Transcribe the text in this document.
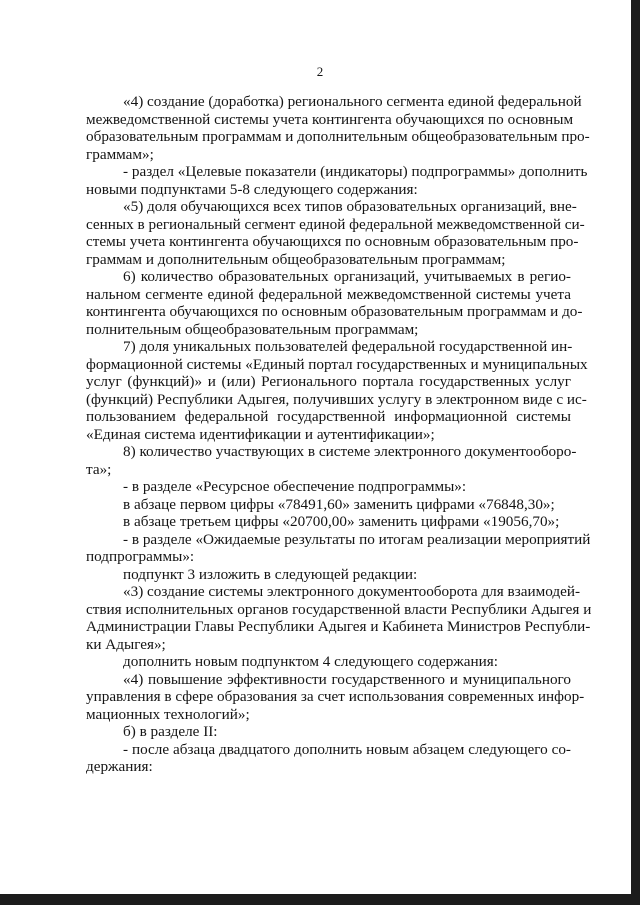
2
«4) создание (доработка) регионального сегмента единой федеральной
межведомственной системы учета контингента обучающихся по основным
образовательным программам и дополнительным общеобразовательным про-
граммам»;
- раздел «Целевые показатели (индикаторы) подпрограммы» дополнить
новыми подпунктами 5-8 следующего содержания:
«5) доля обучающихся всех типов образовательных организаций, вне-
сенных в региональный сегмент единой федеральной межведомственной си-
стемы учета контингента обучающихся по основным образовательным про-
граммам и дополнительным общеобразовательным программам;
6) количество образовательных организаций, учитываемых в регио-
нальном сегменте единой федеральной межведомственной системы учета
контингента обучающихся по основным образовательным программам и до-
полнительным общеобразовательным программам;
7) доля уникальных пользователей федеральной государственной ин-
формационной системы «Единый портал государственных и муниципальных
услуг (функций)» и (или) Регионального портала государственных услуг
(функций) Республики Адыгея, получивших услугу в электронном виде с ис-
пользованием федеральной государственной информационной системы
«Единая система идентификации и аутентификации»;
8) количество участвующих в системе электронного документооборо-
та»;
- в разделе «Ресурсное обеспечение подпрограммы»:
в абзаце первом цифры «78491,60» заменить цифрами «76848,30»;
в абзаце третьем цифры «20700,00» заменить цифрами «19056,70»;
- в разделе «Ожидаемые результаты по итогам реализации мероприятий
подпрограммы»:
подпункт 3 изложить в следующей редакции:
«3) создание системы электронного документооборота для взаимодей-
ствия исполнительных органов государственной власти Республики Адыгея и
Администрации Главы Республики Адыгея и Кабинета Министров Республи-
ки Адыгея»;
дополнить новым подпунктом 4 следующего содержания:
«4) повышение эффективности государственного и муниципального
управления в сфере образования за счет использования современных инфор-
мационных технологий»;
б) в разделе II:
- после абзаца двадцатого дополнить новым абзацем следующего со-
держания:
